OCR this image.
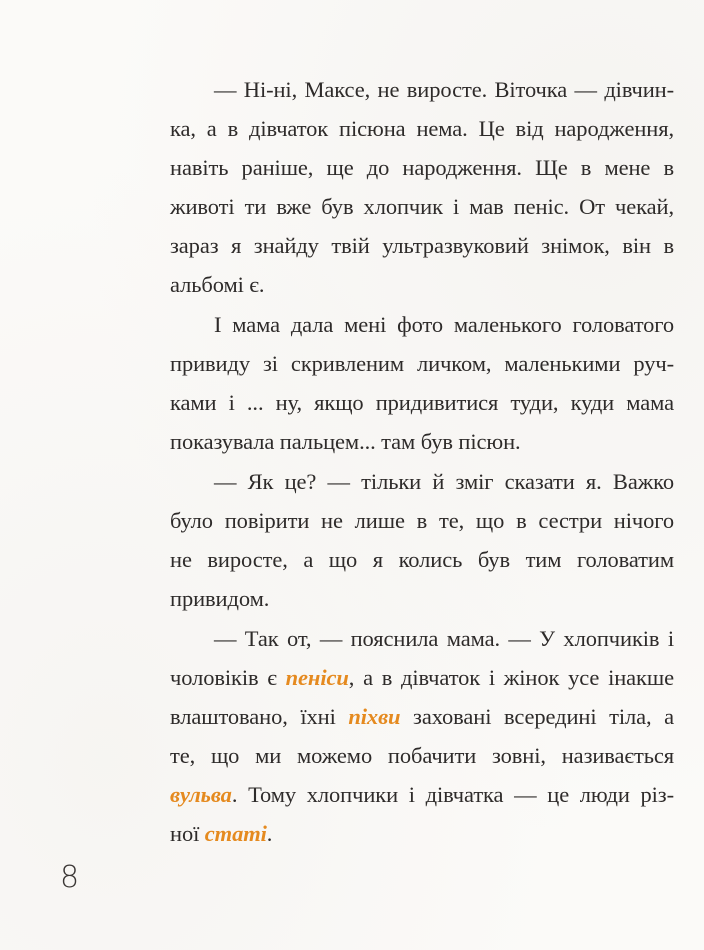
— Ні-ні, Максе, не виросте. Віточка — дівчин-
ка, а в дівчаток пісюна нема. Це від народження,
навіть раніше, ще до народження. Ще в мене в
животі ти вже був хлопчик і мав пеніс. От чекай,
зараз я знайду твій ультразвуковий знімок, він в
альбомі є.
І мама дала мені фото маленького головатого
привиду зі скривленим личком, маленькими руч-
ками і ... ну, якщо придивитися туди, куди мама
показувала пальцем... там був пісюн.
— Як це? — тільки й зміг сказати я. Важко
було повірити не лише в те, що в сестри нічого
не виросте, а що я колись був тим головатим
привидом.
— Так от, — пояснила мама. — У хлопчиків і
чоловіків є пеніси, а в дівчаток і жінок усе інакше
влаштовано, їхні піхви заховані всередині тіла, а
те, що ми можемо побачити зовні, називається
вульва. Тому хлопчики і дівчатка — це люди різ-
ної статі.
8
